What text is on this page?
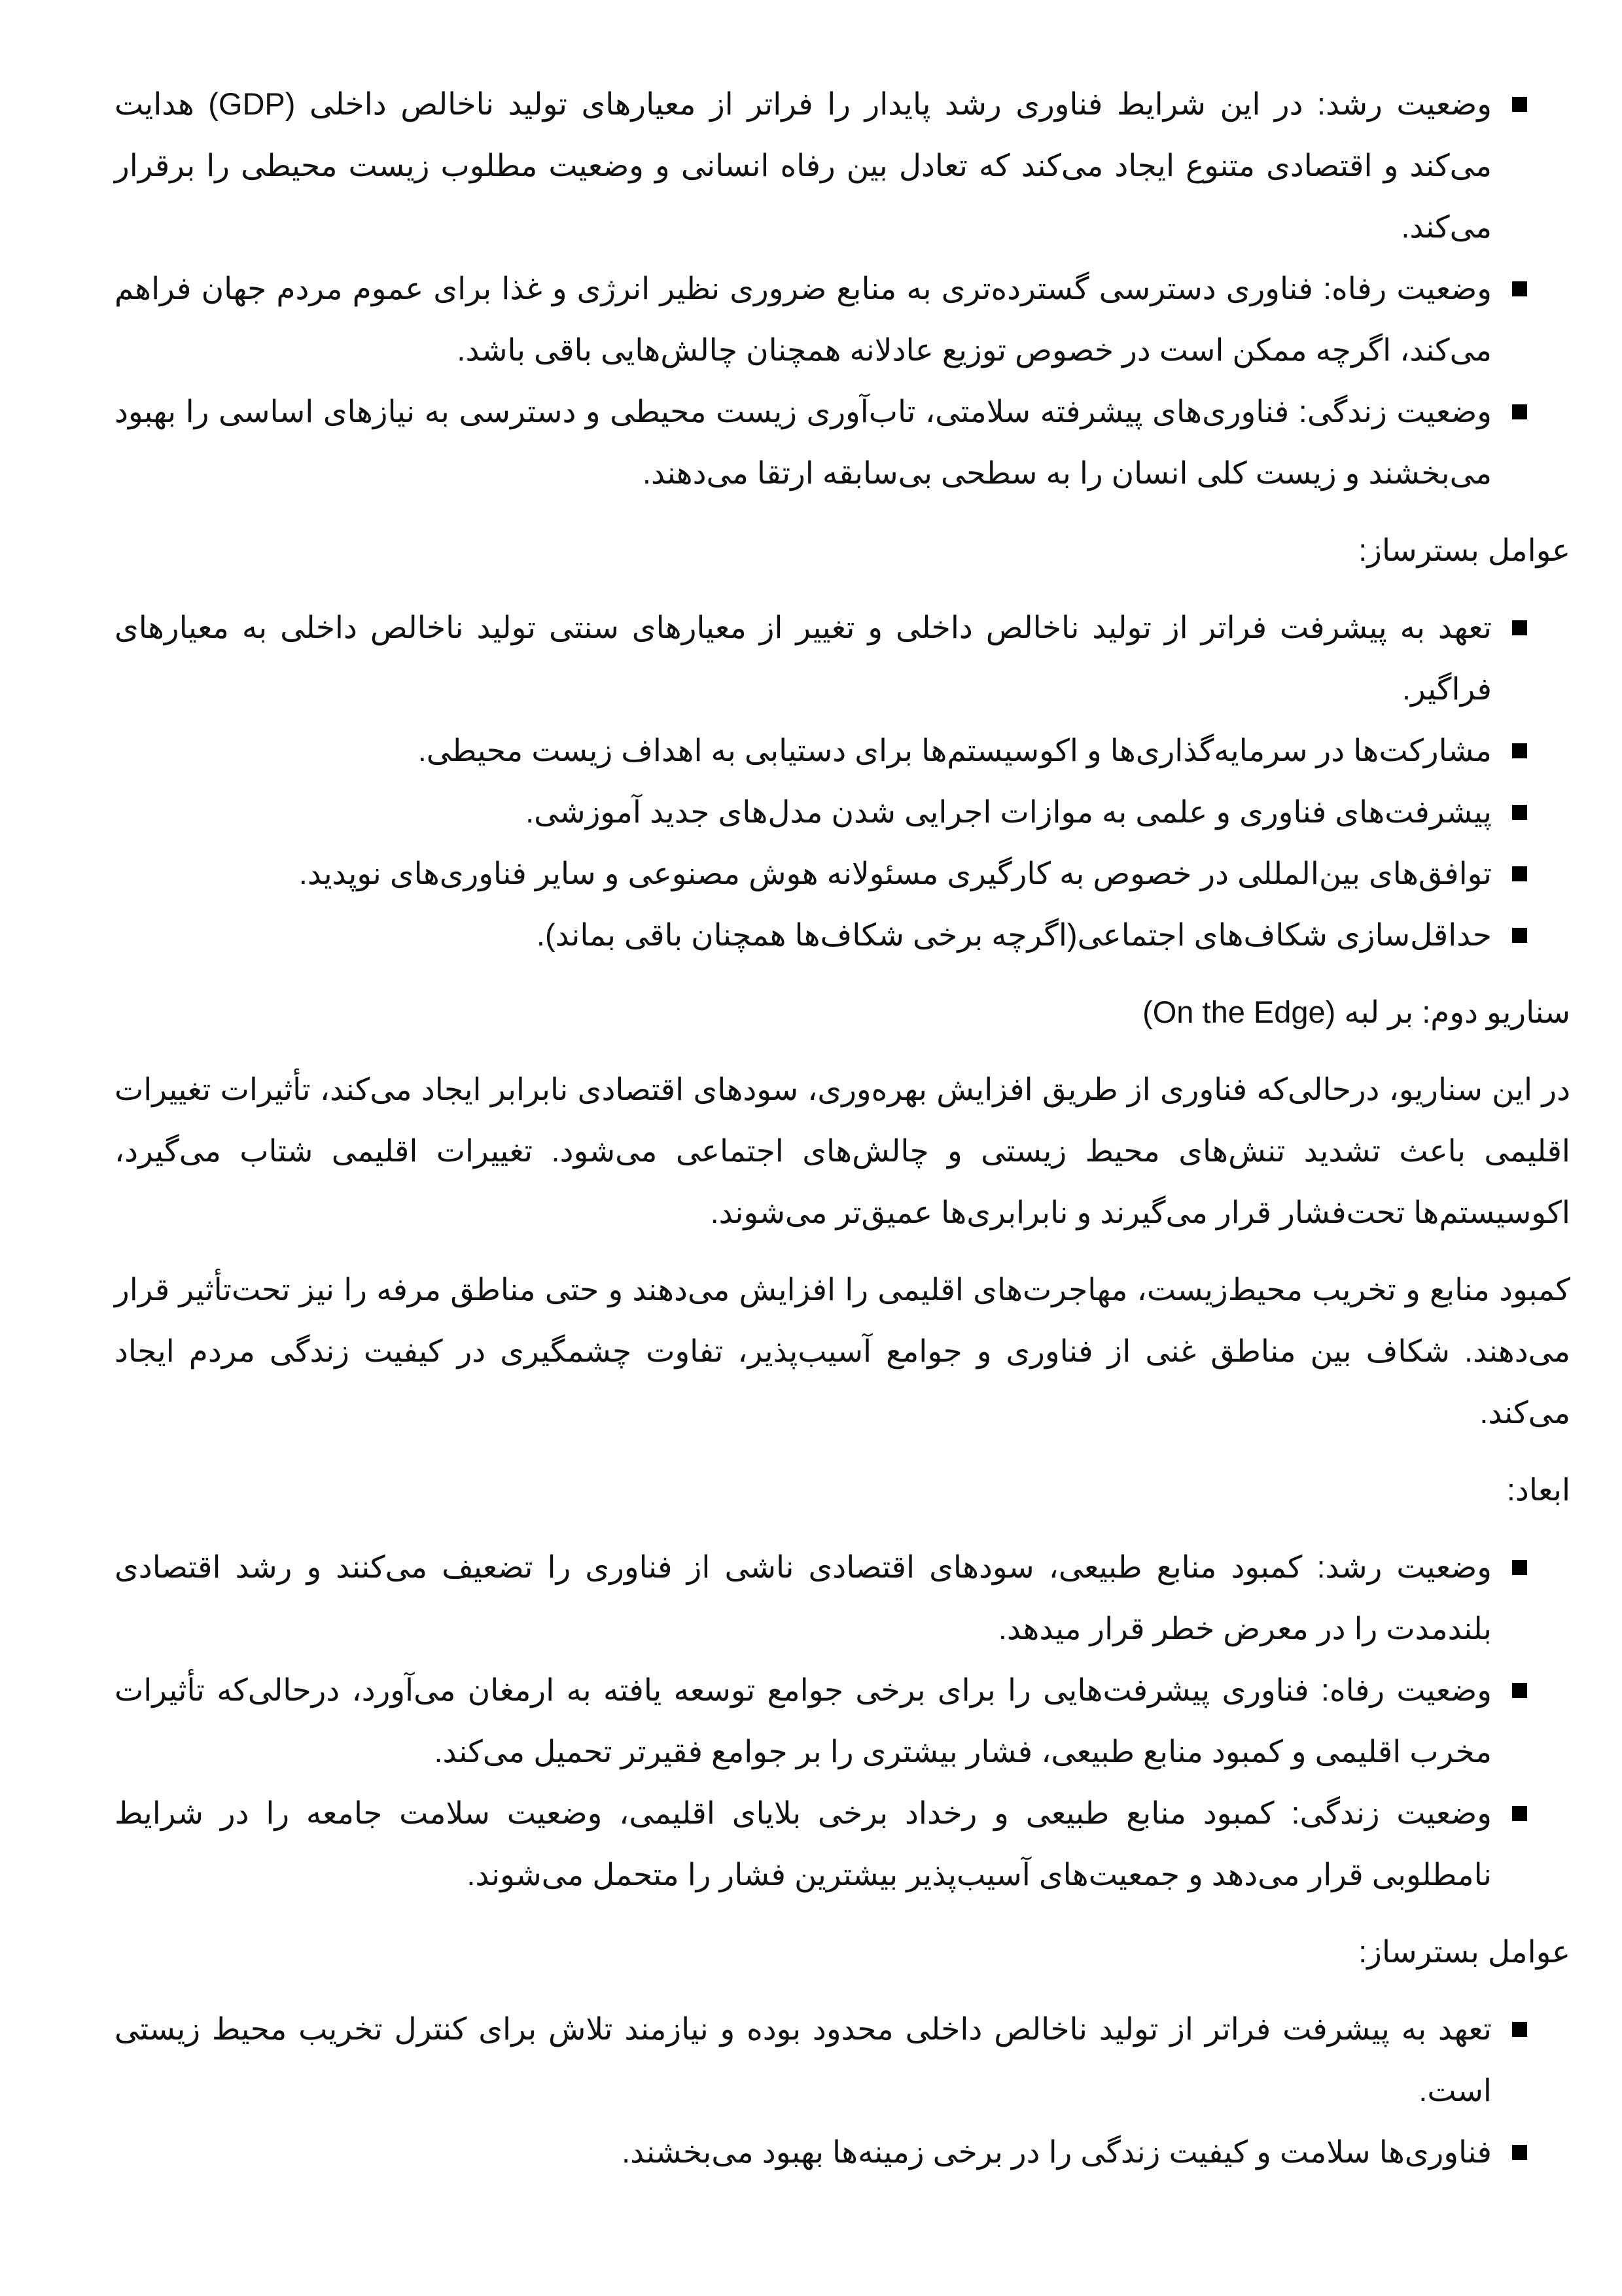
وضعیت رشد: در این شرایط فناوری رشد پایدار را فراتر از معیارهای تولید ناخالص داخلی (GDP) هدایت می‌کند و اقتصادی متنوع ایجاد می‌کند که تعادل بین رفاه انسانی و وضعیت مطلوب زیست محیطی را برقرار می‌کند.
وضعیت رفاه: فناوری دسترسی گسترده‌تری به منابع ضروری نظیر انرژی و غذا برای عموم مردم جهان فراهم می‌کند، اگرچه ممکن است در خصوص توزیع عادلانه همچنان چالش‌هایی باقی باشد.
وضعیت زندگی: فناوری‌های پیشرفته سلامتی، تاب‌آوری زیست محیطی و دسترسی به نیازهای اساسی را بهبود می‌بخشند و زیست کلی انسان را به سطحی بی‌سابقه ارتقا می‌دهند.

عوامل بسترساز:

تعهد به پیشرفت فراتر از تولید ناخالص داخلی و تغییر از معیارهای سنتی تولید ناخالص داخلی به معیارهای فراگیر.
مشارکت‌ها در سرمایه‌گذاری‌ها و اکوسیستم‌ها برای دستیابی به اهداف زیست محیطی.
پیشرفت‌های فناوری و علمی به موازات اجرایی شدن مدل‌های جدید آموزشی.
توافق‌های بین‌المللی در خصوص به کارگیری مسئولانه هوش مصنوعی و سایر فناوری‌های نوپدید.
حداقل‌سازی شکاف‌های اجتماعی(اگرچه برخی شکاف‌ها همچنان باقی بماند).

سناریو دوم: بر لبه (On the Edge)

در این سناریو، درحالی‌که فناوری از طریق افزایش بهره‌وری، سودهای اقتصادی نابرابر ایجاد می‌کند، تأثیرات تغییرات اقلیمی باعث تشدید تنش‌های محیط زیستی و چالش‌های اجتماعی می‌شود. تغییرات اقلیمی شتاب می‌گیرد، اکوسیستم‌ها تحت‌فشار قرار می‌گیرند و نابرابری‌ها عمیق‌تر می‌شوند.

کمبود منابع و تخریب محیط‌زیست، مهاجرت‌های اقلیمی را افزایش می‌دهند و حتی مناطق مرفه را نیز تحت‌تأثیر قرار می‌دهند. شکاف بین مناطق غنی از فناوری و جوامع آسیب‌پذیر، تفاوت چشمگیری در کیفیت زندگی مردم ایجاد می‌کند.

ابعاد:

وضعیت رشد: کمبود منابع طبیعی، سودهای اقتصادی ناشی از فناوری را تضعیف می‌کنند و رشد اقتصادی بلندمدت را در معرض خطر قرار میدهد.
وضعیت رفاه: فناوری پیشرفت‌هایی را برای برخی جوامع توسعه یافته به ارمغان می‌آورد، درحالی‌که تأثیرات مخرب اقلیمی و کمبود منابع طبیعی، فشار بیشتری را بر جوامع فقیرتر تحمیل می‌کند.
وضعیت زندگی: کمبود منابع طبیعی و رخداد برخی بلایای اقلیمی، وضعیت سلامت جامعه را در شرایط نامطلوبی قرار می‌دهد و جمعیت‌های آسیب‌پذیر بیشترین فشار را متحمل می‌شوند.

عوامل بسترساز:

تعهد به پیشرفت فراتر از تولید ناخالص داخلی محدود بوده و نیازمند تلاش برای کنترل تخریب محیط زیستی است.
فناوری‌ها سلامت و کیفیت زندگی را در برخی زمینه‌ها بهبود می‌بخشند.
